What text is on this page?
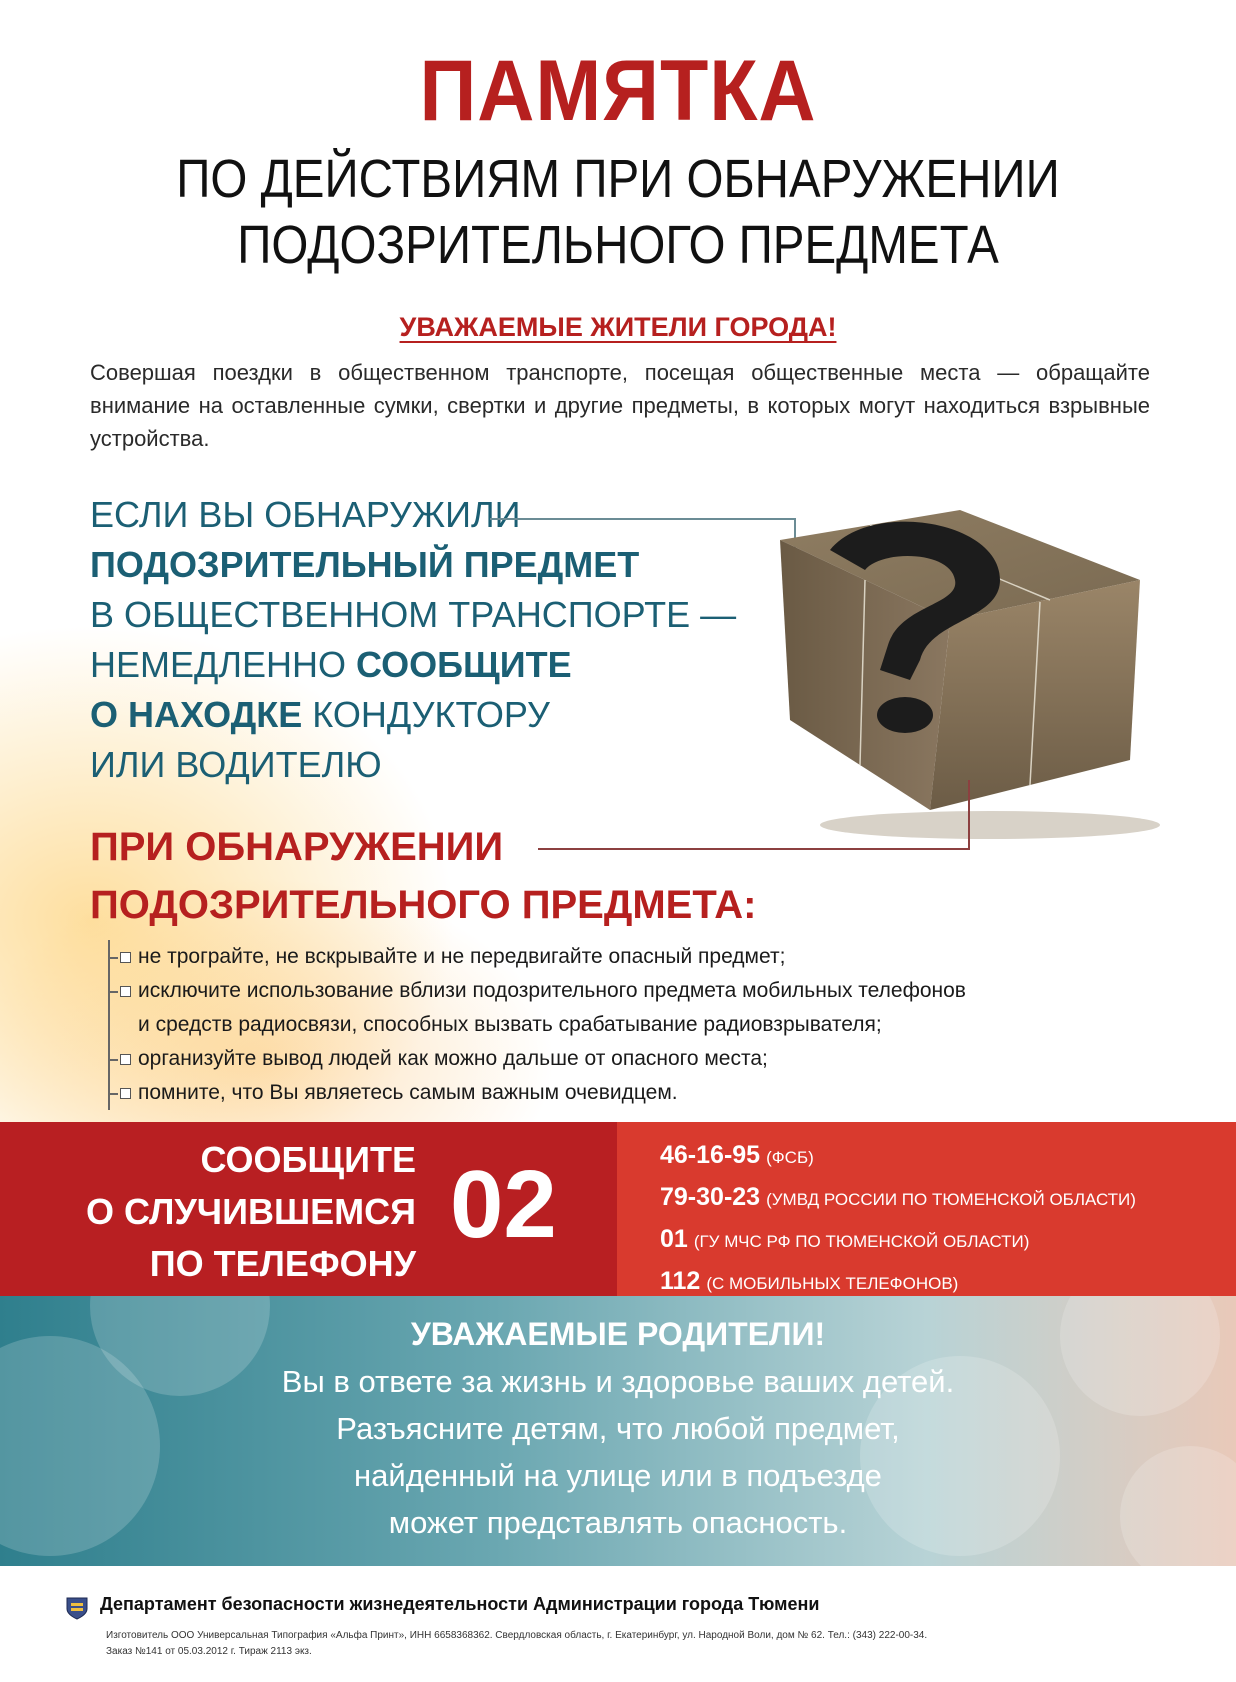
ПАМЯТКА
ПО ДЕЙСТВИЯМ ПРИ ОБНАРУЖЕНИИ
ПОДОЗРИТЕЛЬНОГО ПРЕДМЕТА
УВАЖАЕМЫЕ ЖИТЕЛИ ГОРОДА!

Совершая поездки в общественном транспорте, посещая общественные места — обращайте внимание на оставленные сумки, свертки и другие предметы, в которых могут находиться взрывные устройства.

ЕСЛИ ВЫ ОБНАРУЖИЛИ
ПОДОЗРИТЕЛЬНЫЙ ПРЕДМЕТ
В ОБЩЕСТВЕННОМ ТРАНСПОРТЕ —
НЕМЕДЛЕННО СООБЩИТЕ
О НАХОДКЕ КОНДУКТОРУ
ИЛИ ВОДИТЕЛЮ
ПРИ ОБНАРУЖЕНИИ
ПОДОЗРИТЕЛЬНОГО ПРЕДМЕТА:
не трограйте, не вскрывайте и не передвигайте опасный предмет;
исключите использование вблизи подозрительного предмета мобильных телефонов
и средств радиосвязи, способных вызвать срабатывание радиовзрывателя;
организуйте вывод людей как можно дальше от опасного места;
помните, что Вы являетесь самым важным очевидцем.
СООБЩИТЕ
О СЛУЧИВШЕМСЯ
ПО ТЕЛЕФОНУ
02	46-16-95 (ФСБ)
79-30-23 (УМВД РОССИИ ПО ТЮМЕНСКОЙ ОБЛАСТИ)
01 (ГУ МЧС РФ ПО ТЮМЕНСКОЙ ОБЛАСТИ)
112 (С МОБИЛЬНЫХ ТЕЛЕФОНОВ)
УВАЖАЕМЫЕ РОДИТЕЛИ!
Вы в ответе за жизнь и здоровье ваших детей.
Разъясните детям, что любой предмет,
найденный на улице или в подъезде
может представлять опасность.
Департамент безопасности жизнедеятельности Администрации города Тюмени
Изготовитель ООО Универсальная Типография «Альфа Принт», ИНН 6658368362. Свердловская область, г. Екатеринбург, ул. Народной Воли, дом № 62. Тел.: (343) 222-00-34.
Заказ №141 от 05.03.2012 г. Тираж 2113 экз.
